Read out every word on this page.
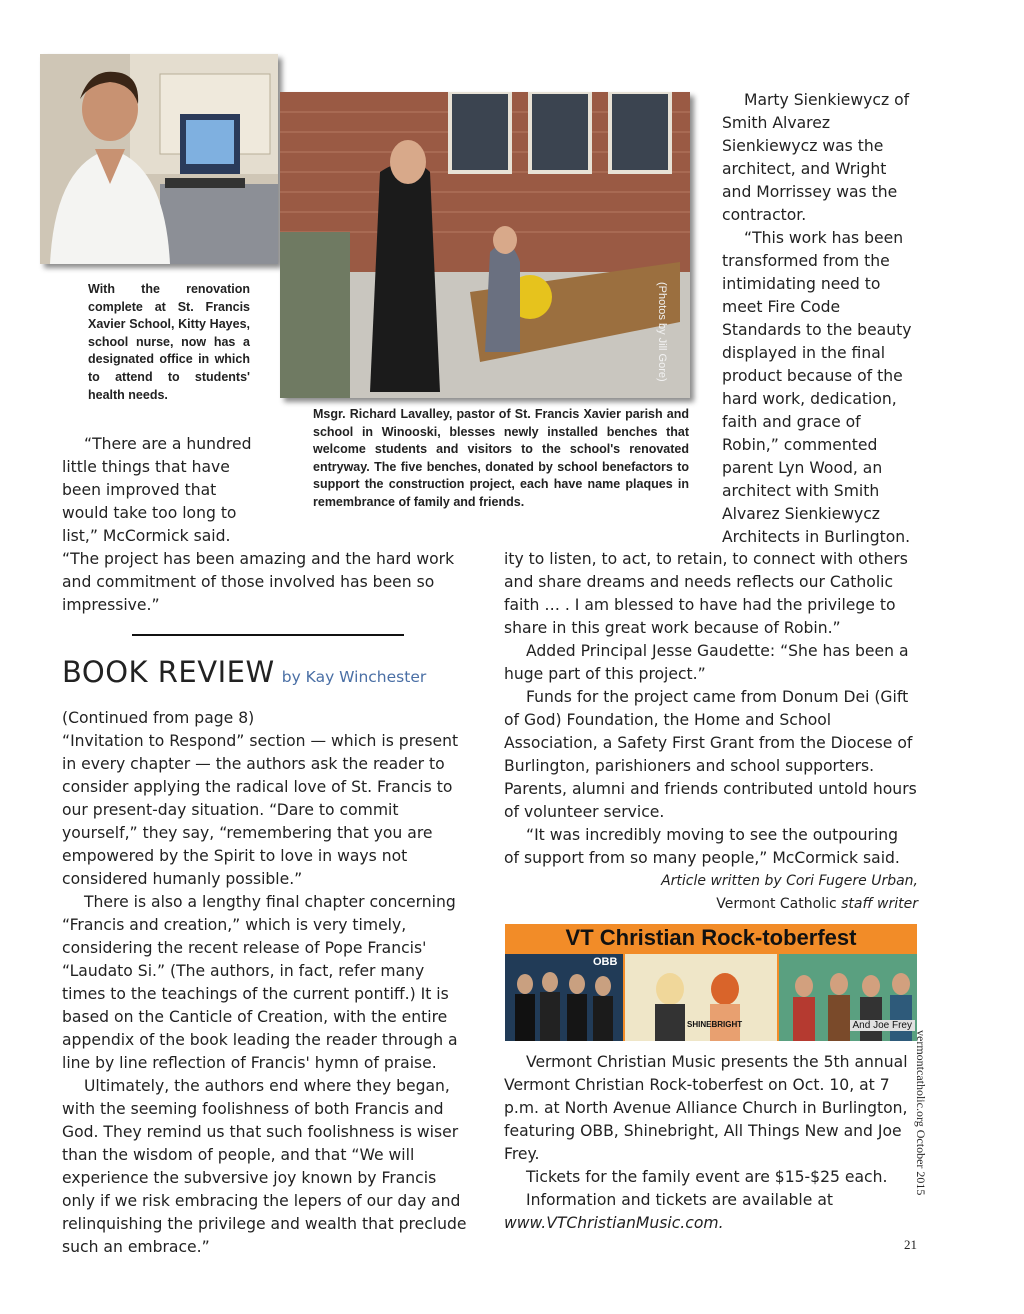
With the renovation complete at St. Francis Xavier School, Kitty Hayes, school nurse, now has a designated office in which to attend to students' health needs.
(Photos by Jill Gore)
Msgr. Richard Lavalley, pastor of St. Francis Xavier parish and school in Winooski, blesses newly installed benches that welcome students and visitors to the school's renovated entryway. The five benches, donated by school benefactors to support the construction project, each have name plaques in remembrance of family and friends.

“There are a hundred little things that have been improved that would take too long to list,” McCormick said.

“The project has been amazing and the hard work and commitment of those involved has been so impressive.”

BOOK REVIEW by Kay Winchester

(Continued from page 8)

“Invitation to Respond” section — which is present in every chapter — the authors ask the reader to consider applying the radical love of St. Francis to our present-day situation. “Dare to commit yourself,” they say, “remembering that you are empowered by the Spirit to love in ways not considered humanly possible.”

There is also a lengthy final chapter concerning “Francis and creation,” which is very timely, considering the recent release of Pope Francis' “Laudato Si.” (The authors, in fact, refer many times to the teachings of the current pontiff.) It is based on the Canticle of Creation, with the entire appendix of the book leading the reader through a line by line reflection of Francis' hymn of praise.

Ultimately, the authors end where they began, with the seeming foolishness of both Francis and God. They remind us that such foolishness is wiser than the wisdom of people, and that “We will experience the subversive joy known by Francis only if we risk embracing the lepers of our day and relinquishing the privilege and wealth that preclude such an embrace.”

Marty Sienkiewycz of Smith Alvarez Sienkiewycz was the architect, and Wright and Morrissey was the contractor.

“This work has been transformed from the intimidating need to meet Fire Code Standards to the beauty displayed in the final product because of the hard work, dedication, faith and grace of Robin,” commented parent Lyn Wood, an architect with Smith Alvarez Sienkiewycz Architects in Burlington.

ity to listen, to act, to retain, to connect with others and share dreams and needs reflects our Catholic faith … . I am blessed to have had the privilege to share in this great work because of Robin.”

Added Principal Jesse Gaudette: “She has been a huge part of this project.”

Funds for the project came from Donum Dei (Gift of God) Foundation, the Home and School Association, a Safety First Grant from the Diocese of Burlington, parishioners and school supporters. Parents, alumni and friends contributed untold hours of volunteer service.

“It was incredibly moving to see the outpouring of support from so many people,” McCormick said.

Article written by Cori Fugere Urban,

Vermont Catholic staff writer

VT Christian Rock-toberfest
OBB
SHINEBRIGHT	And Joe Frey

Vermont Christian Music presents the 5th annual Vermont Christian Rock-toberfest on Oct. 10, at 7 p.m. at North Avenue Alliance Church in Burlington, featuring OBB, Shinebright, All Things New and Joe Frey.

Tickets for the family event are $15-$25 each.

Information and tickets are available at

www.VTChristianMusic.com.

vermontcatholic.org October 2015
21
